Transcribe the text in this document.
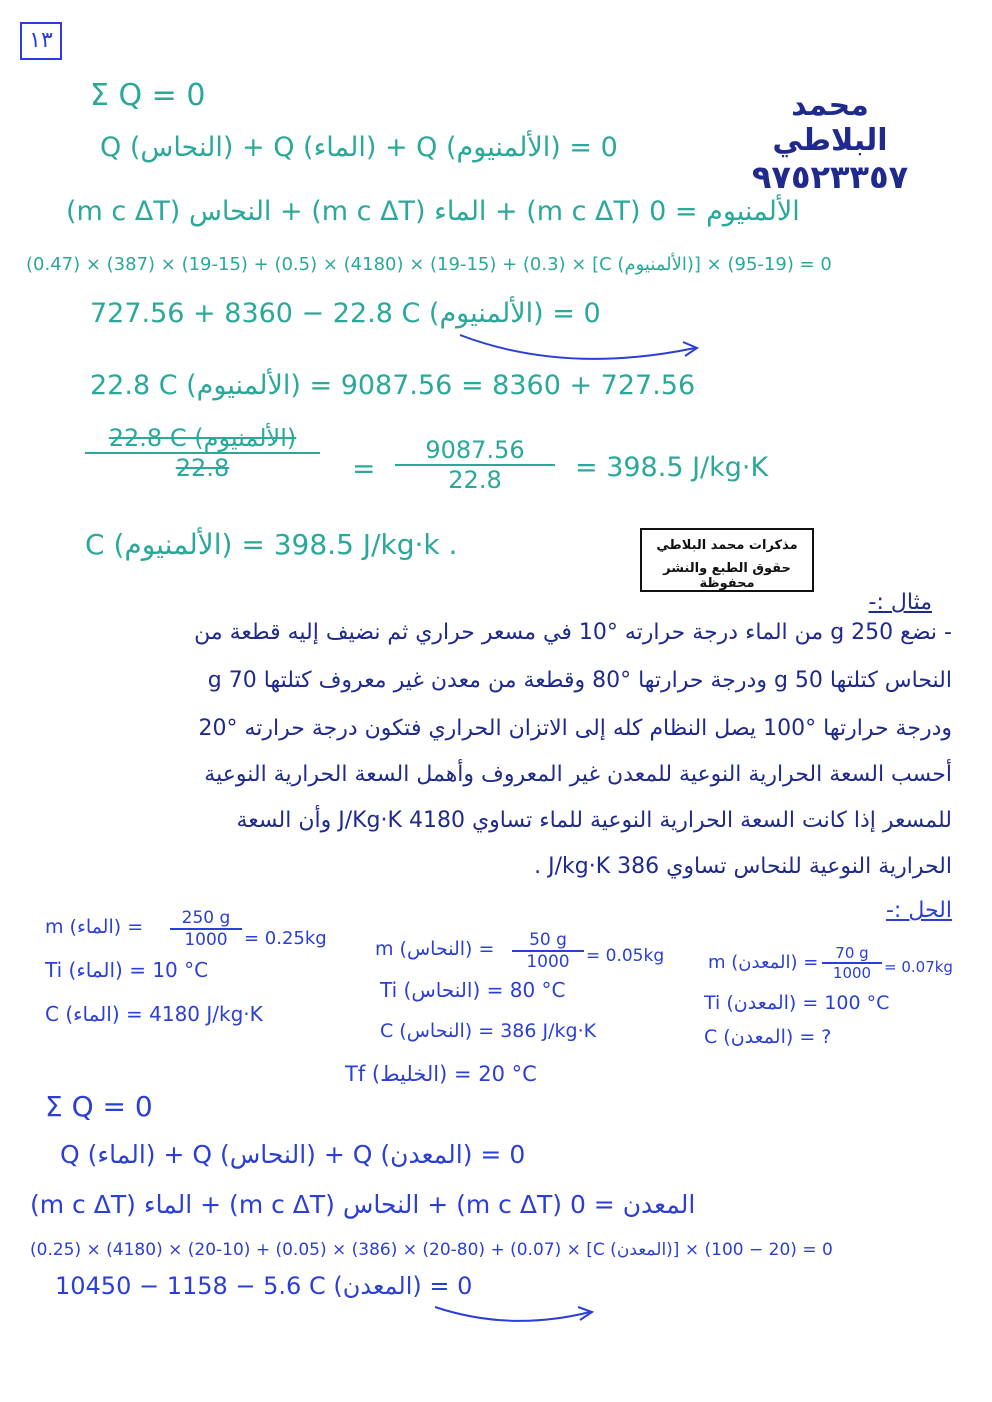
١٣
محمد البلاطي
٩٧٥٢٣٣٥٧
Σ Q = 0
Q (النحاس) + Q (الماء) + Q (الألمنيوم) = 0
(m c ΔT) النحاس + (m c ΔT) الماء + (m c ΔT) الألمنيوم = 0
(0.47) × (387) × (19-15) + (0.5) × (4180) × (19-15) + (0.3) × [C (الألمنيوم)] × (19-95) = 0
727.56 + 8360 − 22.8 C (الألمنيوم) = 0
22.8 C (الألمنيوم) = 727.56 + 8360 = 9087.56
22.8 C (الألمنيوم)
22.8	= $\frac{9087.56}{22.8} = 398.5$ J/kg·K
C (الألمنيوم) = 398.5 J/kg·k .	مذكرات محمد البلاطي
حقوق الطبع والنشر محفوظة
مثال :-
- نضع 250 g من الماء درجة حرارته °10 في مسعر حراري ثم نضيف إليه قطعة من
النحاس كتلتها 50 g ودرجة حرارتها °80 وقطعة من معدن غير معروف كتلتها 70 g
ودرجة حرارتها °100 يصل النظام كله إلى الاتزان الحراري فتكون درجة حرارته °20
أحسب السعة الحرارية النوعية للمعدن غير المعروف وأهمل السعة الحرارية النوعية
للمسعر إذا كانت السعة الحرارية النوعية للماء تساوي 4180 J/Kg·K وأن السعة
الحرارية النوعية للنحاس تساوي 386 J/kg·K .
الحل :-
m (الماء) = $\frac{250 g}{1000} = 0.25kg$	m (النحاس) = $\frac{50 g}{1000} = 0.05kg$ m (المعدن) = $\frac{70 g}{1000} = 0.07kg$
Ti (الماء) = 10 °C
Ti (النحاس) = 80 °C
Ti (المعدن) = 100 °C
C (الماء) = 4180 J/kg·K
C (النحاس) = 386 J/kg·K	C (المعدن) = ?
Tf (الخليط) = 20 °C
Σ Q = 0
Q (الماء) + Q (النحاس) + Q (المعدن) = 0
(m c ΔT) الماء + (m c ΔT) النحاس + (m c ΔT) المعدن = 0
(0.25) × (4180) × (20-10) + (0.05) × (386) × (20-80) + (0.07) × [C (المعدن)] × (20 − 100) = 0
10450 − 1158 − 5.6 C (المعدن) = 0
